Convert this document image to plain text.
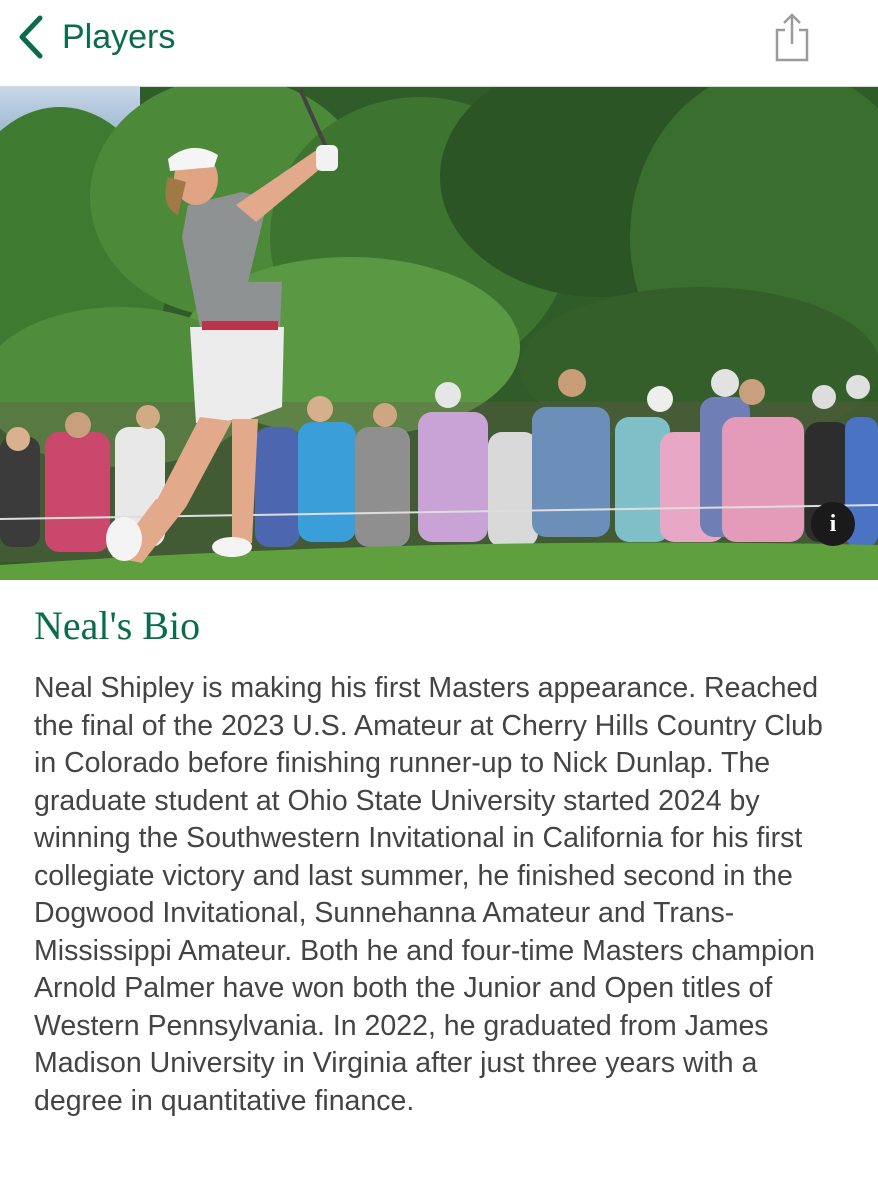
Players
i
Neal's Bio

Neal Shipley is making his first Masters appearance. Reached the final of the 2023 U.S. Amateur at Cherry Hills Country Club in Colorado before finishing runner-up to Nick Dunlap. The graduate student at Ohio State University started 2024 by winning the Southwestern Invitational in California for his first collegiate victory and last summer, he finished second in the Dogwood Invitational, Sunnehanna Amateur and Trans-Mississippi Amateur. Both he and four-time Masters champion Arnold Palmer have won both the Junior and Open titles of Western Pennsylvania. In 2022, he graduated from James Madison University in Virginia after just three years with a degree in quantitative finance.
